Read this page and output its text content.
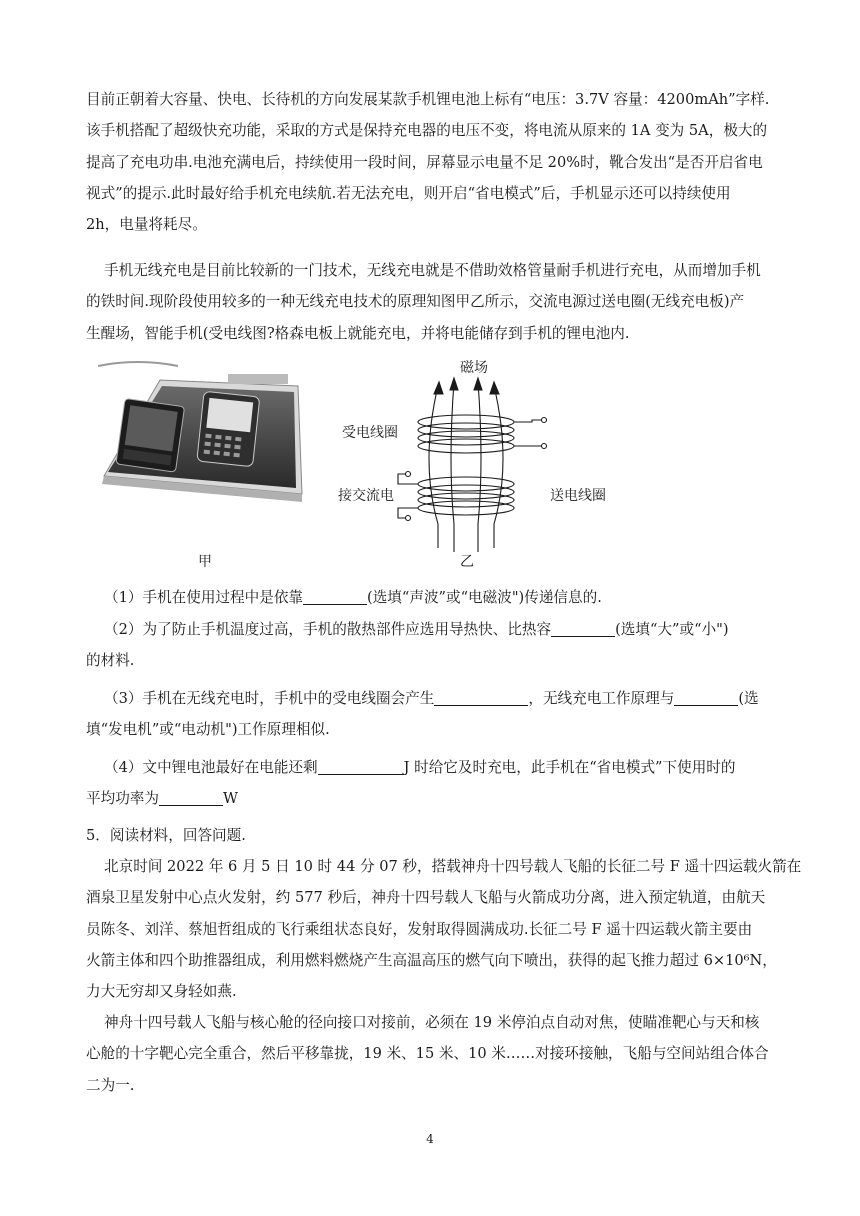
目前正朝着大容量、快电、长待机的方向发展某款手机锂电池上标有“电压：3.7V 容量：4200mAh”字样.
该手机搭配了超级快充功能，采取的方式是保持充电器的电压不变，将电流从原来的 1A 变为 5A，极大的
提高了充电功串.电池充满电后，持续使用一段时间，屏幕显示电量不足 20%时，靴合发出“是否开启省电
视式”的提示.此时最好给手机充电续航.若无法充电，则开启“省电模式”后，手机显示还可以持续使用
2h，电量将耗尽。
手机无线充电是目前比较新的一门技术，无线充电就是不借助效格管量耐手机进行充电，从而增加手机
的铁时间.现阶段使用较多的一种无线充电技术的原理知图甲乙所示，交流电源过送电圈(无线充电板)产
生醒场，智能手机(受电线图?格森电板上就能充电，并将电能储存到手机的锂电池内.
磁场
受电线圈
接交流电	送电线圈
甲	乙
（1）手机在使用过程中是依靠	(选填“声波”或“电磁波")传递信息的.
（2）为了防止手机温度过高，手机的散热部件应选用导热快、比热容	(选填“大”或“小")
的材料.
（3）手机在无线充电时，手机中的受电线圈会产生	，无线充电工作原理与	(选
填“发电机”或“电动机")工作原理相似.
（4）文中锂电池最好在电能还剩	J 时给它及时充电，此手机在“省电模式”下使用时的
平均功率为	W
5．阅读材料，回答问题.
北京时间 2022 年 6 月 5 日 10 时 44 分 07 秒，搭载神舟十四号载人飞船的长征二号 F 遥十四运载火箭在
酒泉卫星发射中心点火发射，约 577 秒后，神舟十四号载人飞船与火箭成功分离，进入预定轨道，由航天
员陈冬、刘洋、蔡旭哲组成的飞行乘组状态良好，发射取得圆满成功.长征二号 F 遥十四运载火箭主要由
火箭主体和四个助推器组成，利用燃料燃烧产生高温高压的燃气向下喷出，获得的起飞推力超过 6×10⁶N，
力大无穷却又身轻如燕.
神舟十四号载人飞船与核心舱的径向接口对接前，必须在 19 米停泊点自动对焦，使瞄准靶心与天和核
心舱的十字靶心完全重合，然后平移靠拢，19 米、15 米、10 米……对接环接触，飞船与空间站组合体合
二为一.
4
